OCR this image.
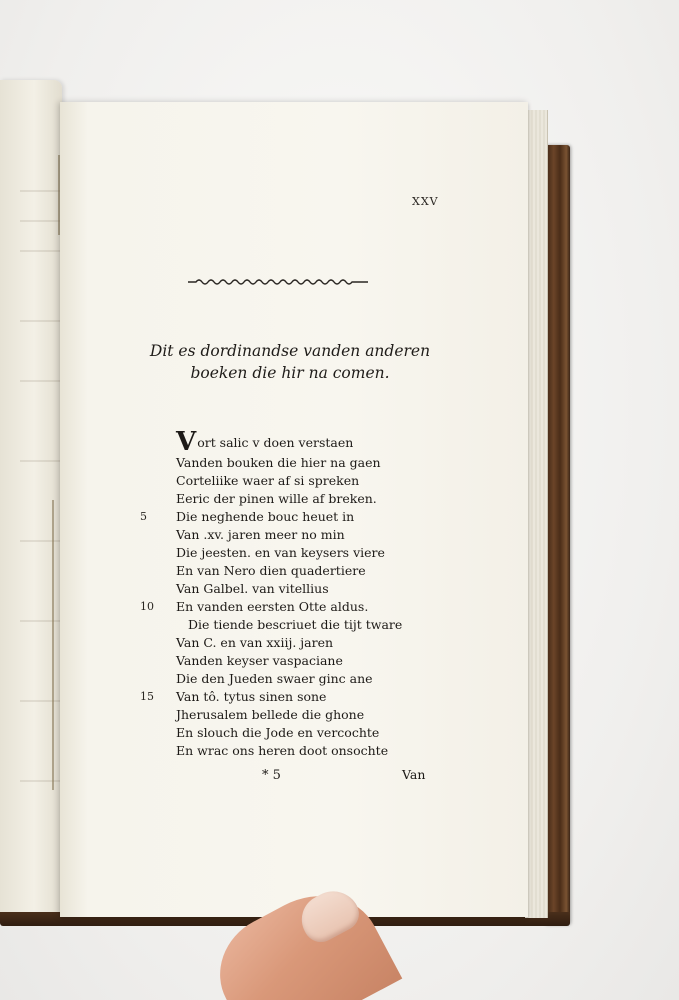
XXV
Dit es dordinandse vanden anderen
boeken die hir na comen.
Vort salic v doen verstaen
Vanden bouken die hier na gaen
Corteliike waer af si spreken
Eeric der pinen wille af breken.
5	Die neghende bouc heuet in
Van .xv. jaren meer no min
Die jeesten. en van keysers viere
En van Nero dien quadertiere
Van Galbel. van vitellius
10	En vanden eersten Otte aldus.
Die tiende bescriuet die tijt tware
Van C. en van xxiij. jaren
Vanden keyser vaspaciane
Die den Jueden swaer ginc ane
15	Van tô. tytus sinen sone
Jherusalem bellede die ghone
En slouch die Jode en vercochte
En wrac ons heren doot onsochte
* 5	Van
